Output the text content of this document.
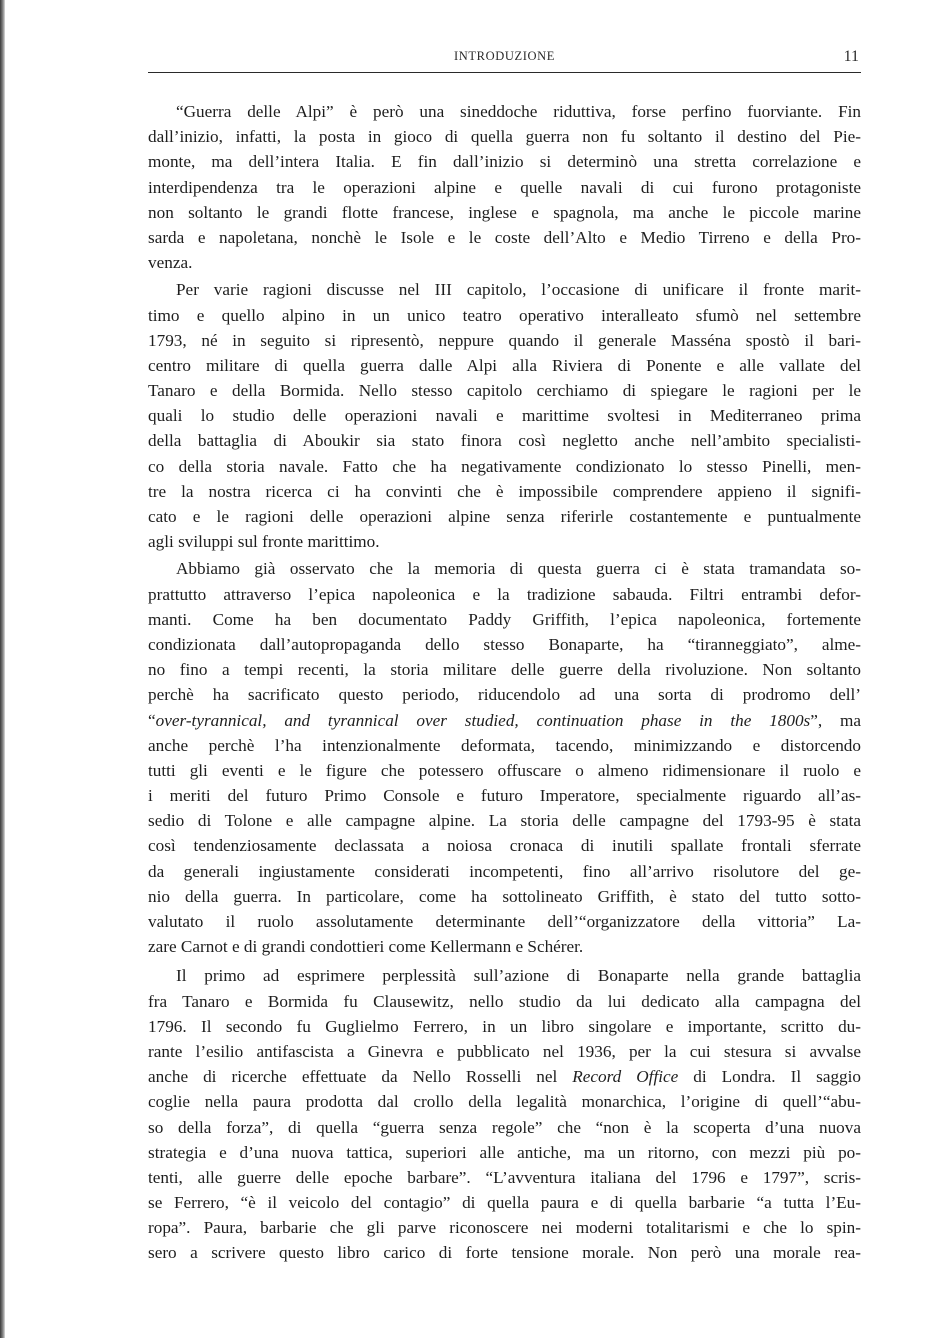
INTRODUZIONE	11
“Guerra delle Alpi” è però una sineddoche riduttiva, forse perfino fuorviante. Fin
dall’inizio, infatti, la posta in gioco di quella guerra non fu soltanto il destino del Pie-
monte, ma dell’intera Italia. E fin dall’inizio si determinò una stretta correlazione e
interdipendenza tra le operazioni alpine e quelle navali di cui furono protagoniste
non soltanto le grandi flotte francese, inglese e spagnola, ma anche le piccole marine
sarda e napoletana, nonchè le Isole e le coste dell’Alto e Medio Tirreno e della Pro-
venza.
Per varie ragioni discusse nel III capitolo, l’occasione di unificare il fronte marit-
timo e quello alpino in un unico teatro operativo interalleato sfumò nel settembre
1793, né in seguito si ripresentò, neppure quando il generale Masséna spostò il bari-
centro militare di quella guerra dalle Alpi alla Riviera di Ponente e alle vallate del
Tanaro e della Bormida. Nello stesso capitolo cerchiamo di spiegare le ragioni per le
quali lo studio delle operazioni navali e marittime svoltesi in Mediterraneo prima
della battaglia di Aboukir sia stato finora così negletto anche nell’ambito specialisti-
co della storia navale. Fatto che ha negativamente condizionato lo stesso Pinelli, men-
tre la nostra ricerca ci ha convinti che è impossibile comprendere appieno il signifi-
cato e le ragioni delle operazioni alpine senza riferirle costantemente e puntualmente
agli sviluppi sul fronte marittimo.
Abbiamo già osservato che la memoria di questa guerra ci è stata tramandata so-
prattutto attraverso l’epica napoleonica e la tradizione sabauda. Filtri entrambi defor-
manti. Come ha ben documentato Paddy Griffith, l’epica napoleonica, fortemente
condizionata dall’autopropaganda dello stesso Bonaparte, ha “tiranneggiato”, alme-
no fino a tempi recenti, la storia militare delle guerre della rivoluzione. Non soltanto
perchè ha sacrificato questo periodo, riducendolo ad una sorta di prodromo dell’
“over-tyrannical, and tyrannical over studied, continuation phase in the 1800s”, ma
anche perchè l’ha intenzionalmente deformata, tacendo, minimizzando e distorcendo
tutti gli eventi e le figure che potessero offuscare o almeno ridimensionare il ruolo e
i meriti del futuro Primo Console e futuro Imperatore, specialmente riguardo all’as-
sedio di Tolone e alle campagne alpine. La storia delle campagne del 1793-95 è stata
così tendenziosamente declassata a noiosa cronaca di inutili spallate frontali sferrate
da generali ingiustamente considerati incompetenti, fino all’arrivo risolutore del ge-
nio della guerra. In particolare, come ha sottolineato Griffith, è stato del tutto sotto-
valutato il ruolo assolutamente determinante dell’“organizzatore della vittoria” La-
zare Carnot e di grandi condottieri come Kellermann e Schérer.
Il primo ad esprimere perplessità sull’azione di Bonaparte nella grande battaglia
fra Tanaro e Bormida fu Clausewitz, nello studio da lui dedicato alla campagna del
1796. Il secondo fu Guglielmo Ferrero, in un libro singolare e importante, scritto du-
rante l’esilio antifascista a Ginevra e pubblicato nel 1936, per la cui stesura si avvalse
anche di ricerche effettuate da Nello Rosselli nel Record Office di Londra. Il saggio
coglie nella paura prodotta dal crollo della legalità monarchica, l’origine di quell’“abu-
so della forza”, di quella “guerra senza regole” che “non è la scoperta d’una nuova
strategia e d’una nuova tattica, superiori alle antiche, ma un ritorno, con mezzi più po-
tenti, alle guerre delle epoche barbare”. “L’avventura italiana del 1796 e 1797”, scris-
se Ferrero, “è il veicolo del contagio” di quella paura e di quella barbarie “a tutta l’Eu-
ropa”. Paura, barbarie che gli parve riconoscere nei moderni totalitarismi e che lo spin-
sero a scrivere questo libro carico di forte tensione morale. Non però una morale rea-
